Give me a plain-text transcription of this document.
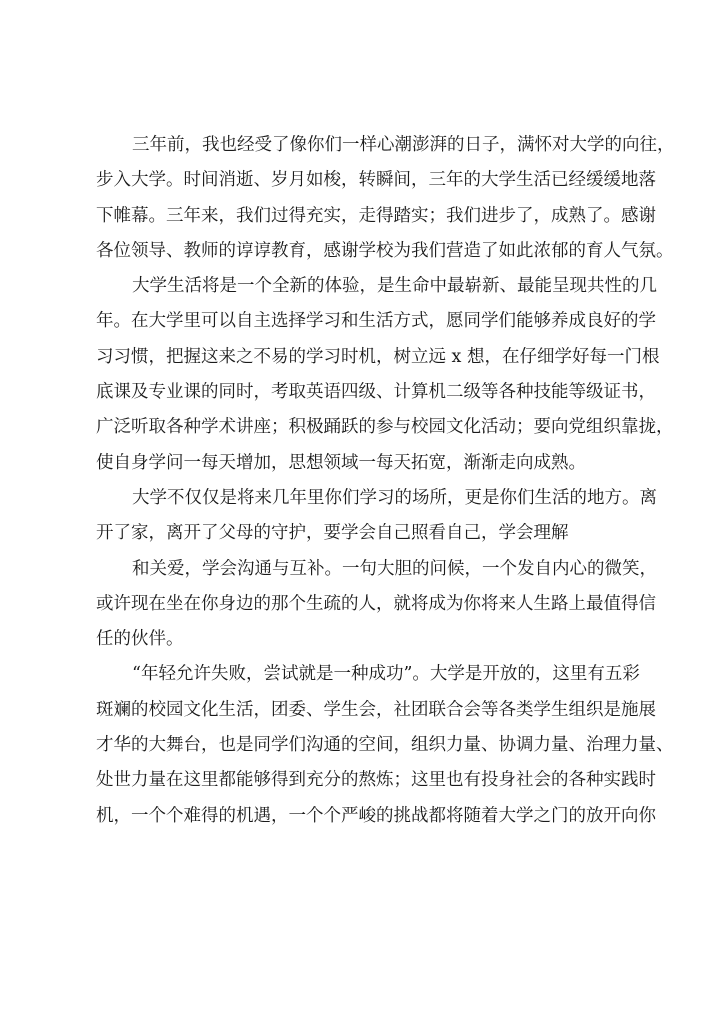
三年前，我也经受了像你们一样心潮澎湃的日子，满怀对大学的向往，
步入大学。时间消逝、岁月如梭，转瞬间，三年的大学生活已经缓缓地落
下帷幕。三年来，我们过得充实，走得踏实；我们进步了，成熟了。感谢
各位领导、教师的谆谆教育，感谢学校为我们营造了如此浓郁的育人气氛。
大学生活将是一个全新的体验，是生命中最崭新、最能呈现共性的几
年。在大学里可以自主选择学习和生活方式，愿同学们能够养成良好的学
习习惯，把握这来之不易的学习时机，树立远 x 想，在仔细学好每一门根
底课及专业课的同时，考取英语四级、计算机二级等各种技能等级证书，
广泛听取各种学术讲座；积极踊跃的参与校园文化活动；要向党组织靠拢，
使自身学问一每天增加，思想领域一每天拓宽，渐渐走向成熟。
大学不仅仅是将来几年里你们学习的场所，更是你们生活的地方。离
开了家，离开了父母的守护，要学会自己照看自己，学会理解
和关爱，学会沟通与互补。一句大胆的问候，一个发自内心的微笑，
或许现在坐在你身边的那个生疏的人，就将成为你将来人生路上最值得信
任的伙伴。
“年轻允许失败，尝试就是一种成功”。大学是开放的，这里有五彩
斑斓的校园文化生活，团委、学生会，社团联合会等各类学生组织是施展
才华的大舞台，也是同学们沟通的空间，组织力量、协调力量、治理力量、
处世力量在这里都能够得到充分的熬炼；这里也有投身社会的各种实践时
机，一个个难得的机遇，一个个严峻的挑战都将随着大学之门的放开向你
